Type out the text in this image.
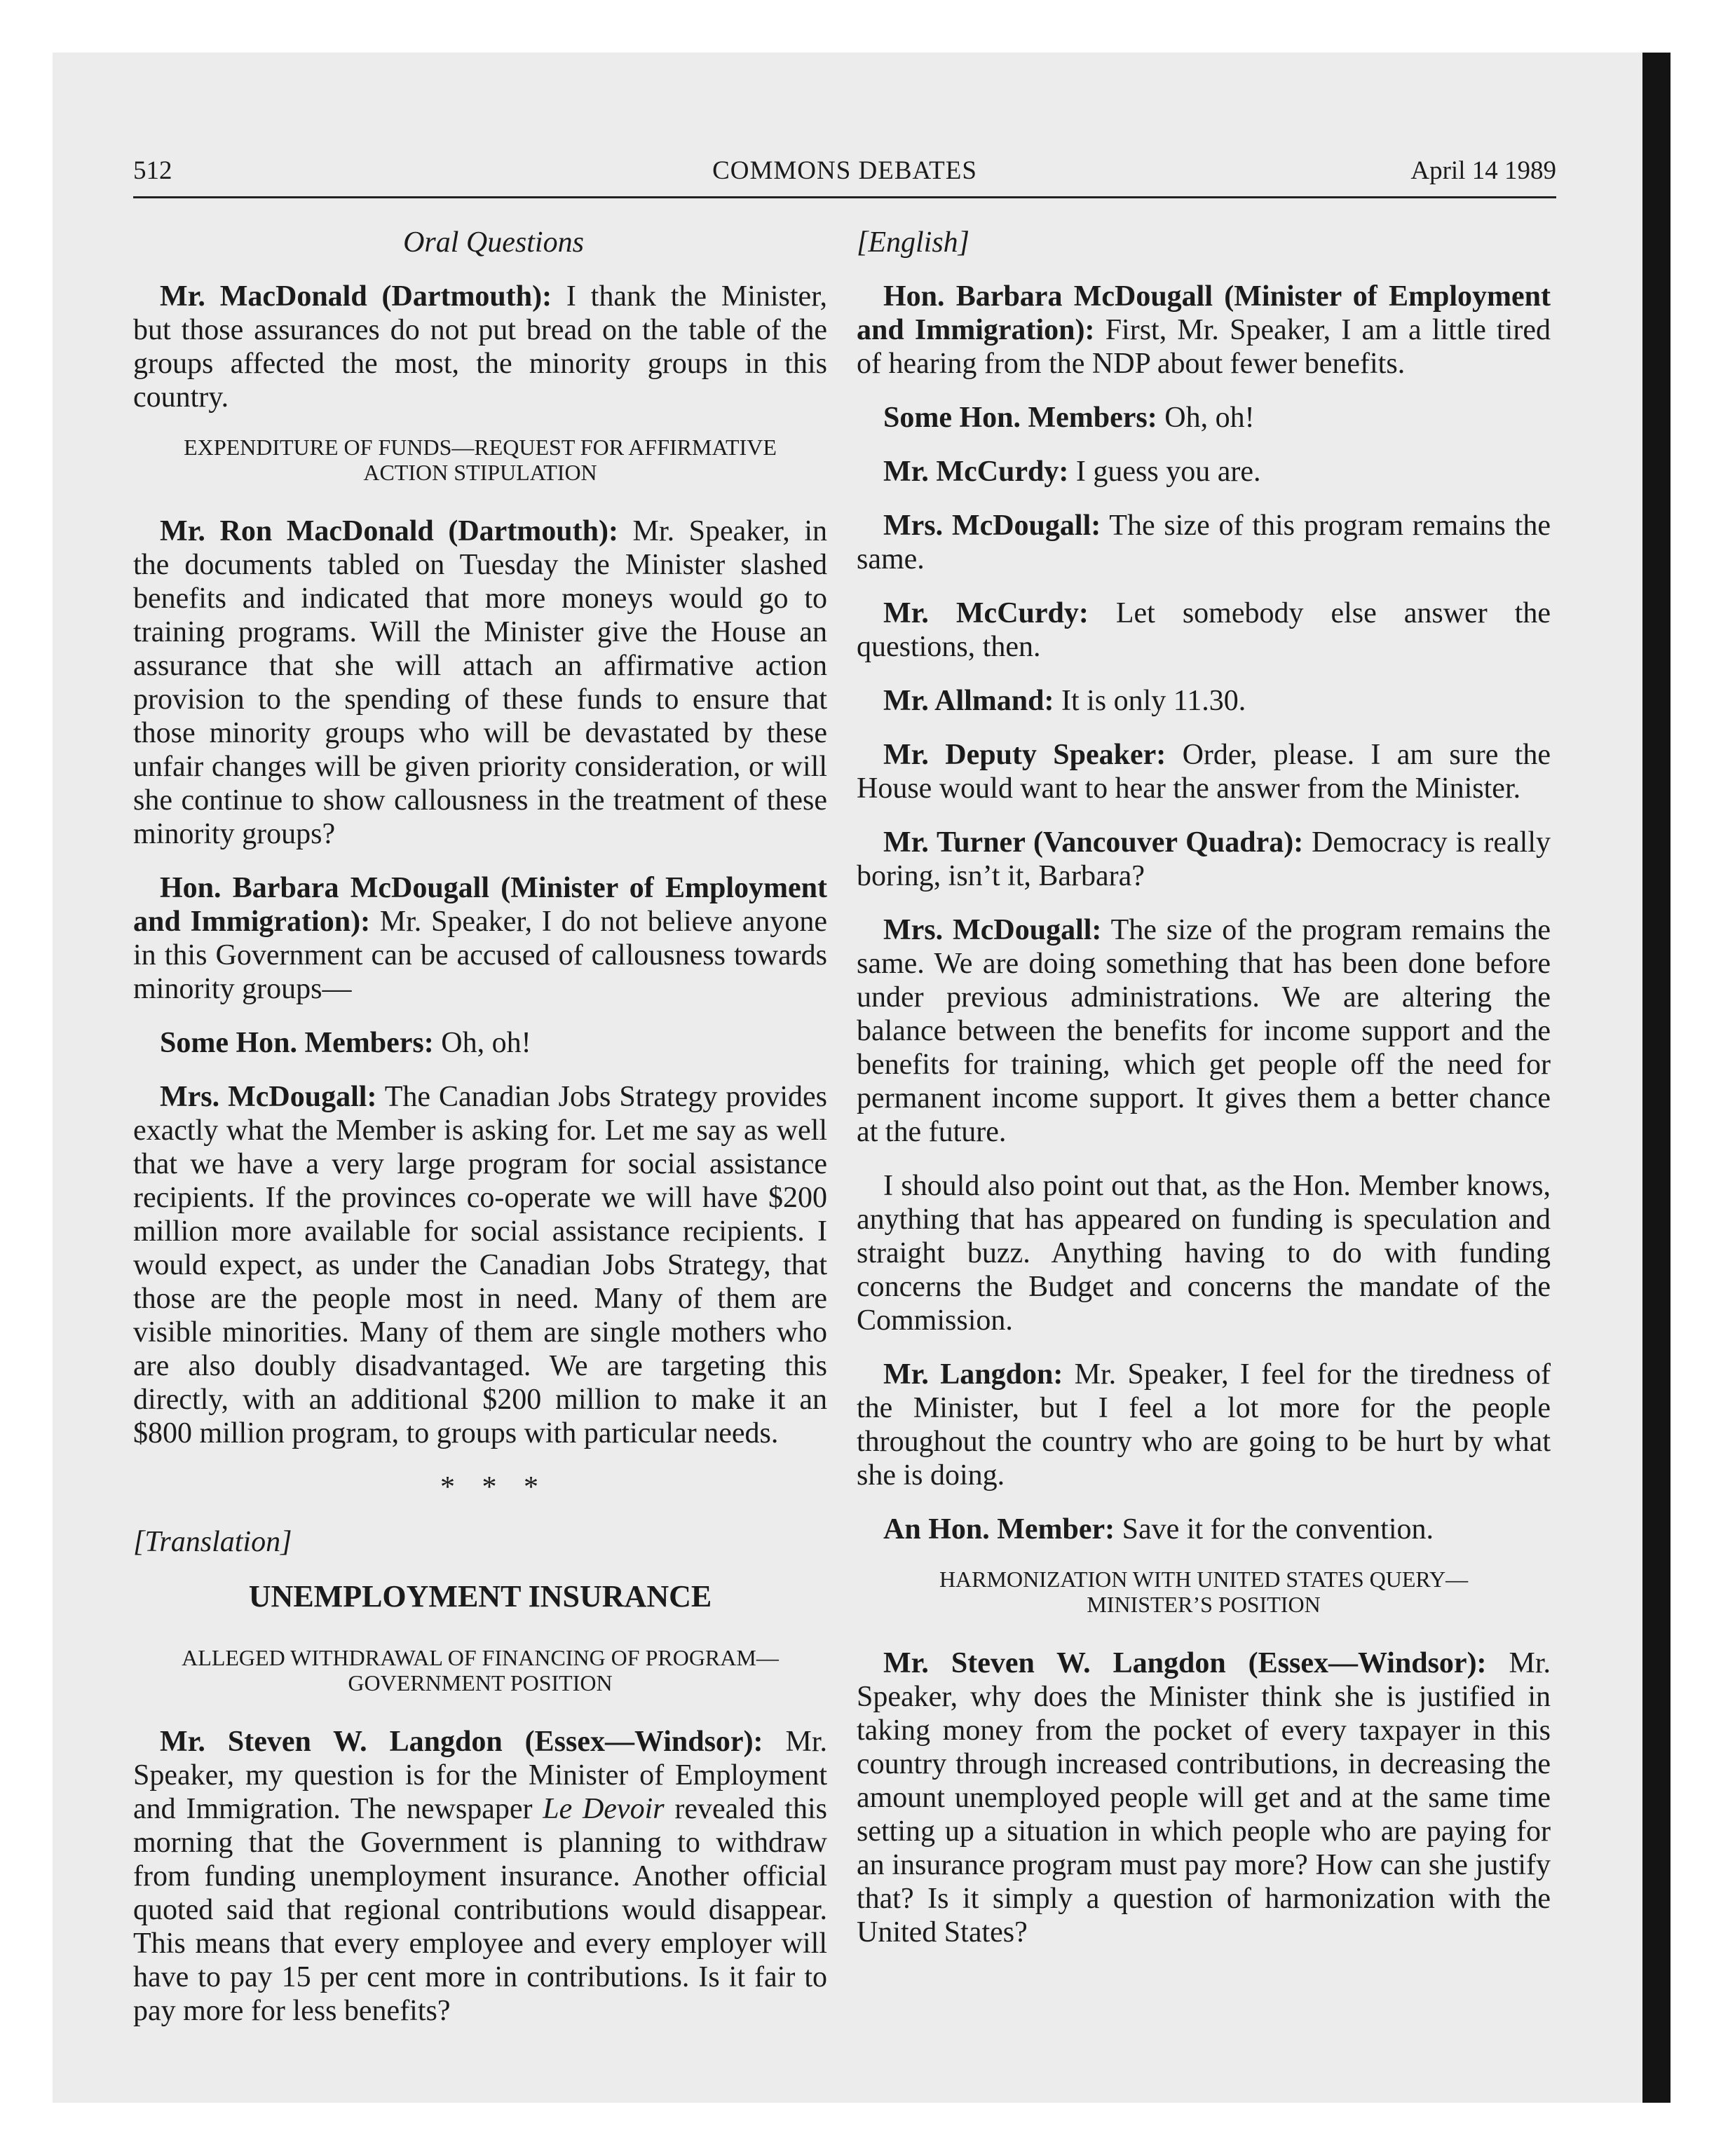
512	COMMONS DEBATES	April 14 1989

Oral Questions

Mr. MacDonald (Dartmouth): I thank the Minister, but those assurances do not put bread on the table of the groups affected the most, the minority groups in this country.

EXPENDITURE OF FUNDS—REQUEST FOR AFFIRMATIVE ACTION STIPULATION

Mr. Ron MacDonald (Dartmouth): Mr. Speaker, in the documents tabled on Tuesday the Minister slashed benefits and indicated that more moneys would go to training programs. Will the Minister give the House an assurance that she will attach an affirmative action provision to the spending of these funds to ensure that those minority groups who will be devastated by these unfair changes will be given priority consideration, or will she continue to show callousness in the treatment of these minority groups?

Hon. Barbara McDougall (Minister of Employment and Immigration): Mr. Speaker, I do not believe anyone in this Government can be accused of callousness towards minority groups—

Some Hon. Members: Oh, oh!

Mrs. McDougall: The Canadian Jobs Strategy provides exactly what the Member is asking for. Let me say as well that we have a very large program for social assistance recipients. If the provinces co-operate we will have $200 million more available for social assistance recipients. I would expect, as under the Canadian Jobs Strategy, that those are the people most in need. Many of them are visible minorities. Many of them are single mothers who are also doubly disadvantaged. We are targeting this directly, with an additional $200 million to make it an $800 million program, to groups with particular needs.

* * *

[Translation]

UNEMPLOYMENT INSURANCE
ALLEGED WITHDRAWAL OF FINANCING OF PROGRAM—GOVERNMENT POSITION

Mr. Steven W. Langdon (Essex—Windsor): Mr. Speaker, my question is for the Minister of Employment and Immigration. The newspaper Le Devoir revealed this morning that the Government is planning to withdraw from funding unemployment insurance. Another official quoted said that regional contributions would disappear. This means that every employee and every employer will have to pay 15 per cent more in contributions. Is it fair to pay more for less benefits?

[English]

Hon. Barbara McDougall (Minister of Employment and Immigration): First, Mr. Speaker, I am a little tired of hearing from the NDP about fewer benefits.

Some Hon. Members: Oh, oh!

Mr. McCurdy: I guess you are.

Mrs. McDougall: The size of this program remains the same.

Mr. McCurdy: Let somebody else answer the questions, then.

Mr. Allmand: It is only 11.30.

Mr. Deputy Speaker: Order, please. I am sure the House would want to hear the answer from the Minister.

Mr. Turner (Vancouver Quadra): Democracy is really boring, isn’t it, Barbara?

Mrs. McDougall: The size of the program remains the same. We are doing something that has been done before under previous administrations. We are altering the balance between the benefits for income support and the benefits for training, which get people off the need for permanent income support. It gives them a better chance at the future.

I should also point out that, as the Hon. Member knows, anything that has appeared on funding is speculation and straight buzz. Anything having to do with funding concerns the Budget and concerns the mandate of the Commission.

Mr. Langdon: Mr. Speaker, I feel for the tiredness of the Minister, but I feel a lot more for the people throughout the country who are going to be hurt by what she is doing.

An Hon. Member: Save it for the convention.

HARMONIZATION WITH UNITED STATES QUERY—MINISTER’S POSITION

Mr. Steven W. Langdon (Essex—Windsor): Mr. Speaker, why does the Minister think she is justified in taking money from the pocket of every taxpayer in this country through increased contributions, in decreasing the amount unemployed people will get and at the same time setting up a situation in which people who are paying for an insurance program must pay more? How can she justify that? Is it simply a question of harmonization with the United States?
